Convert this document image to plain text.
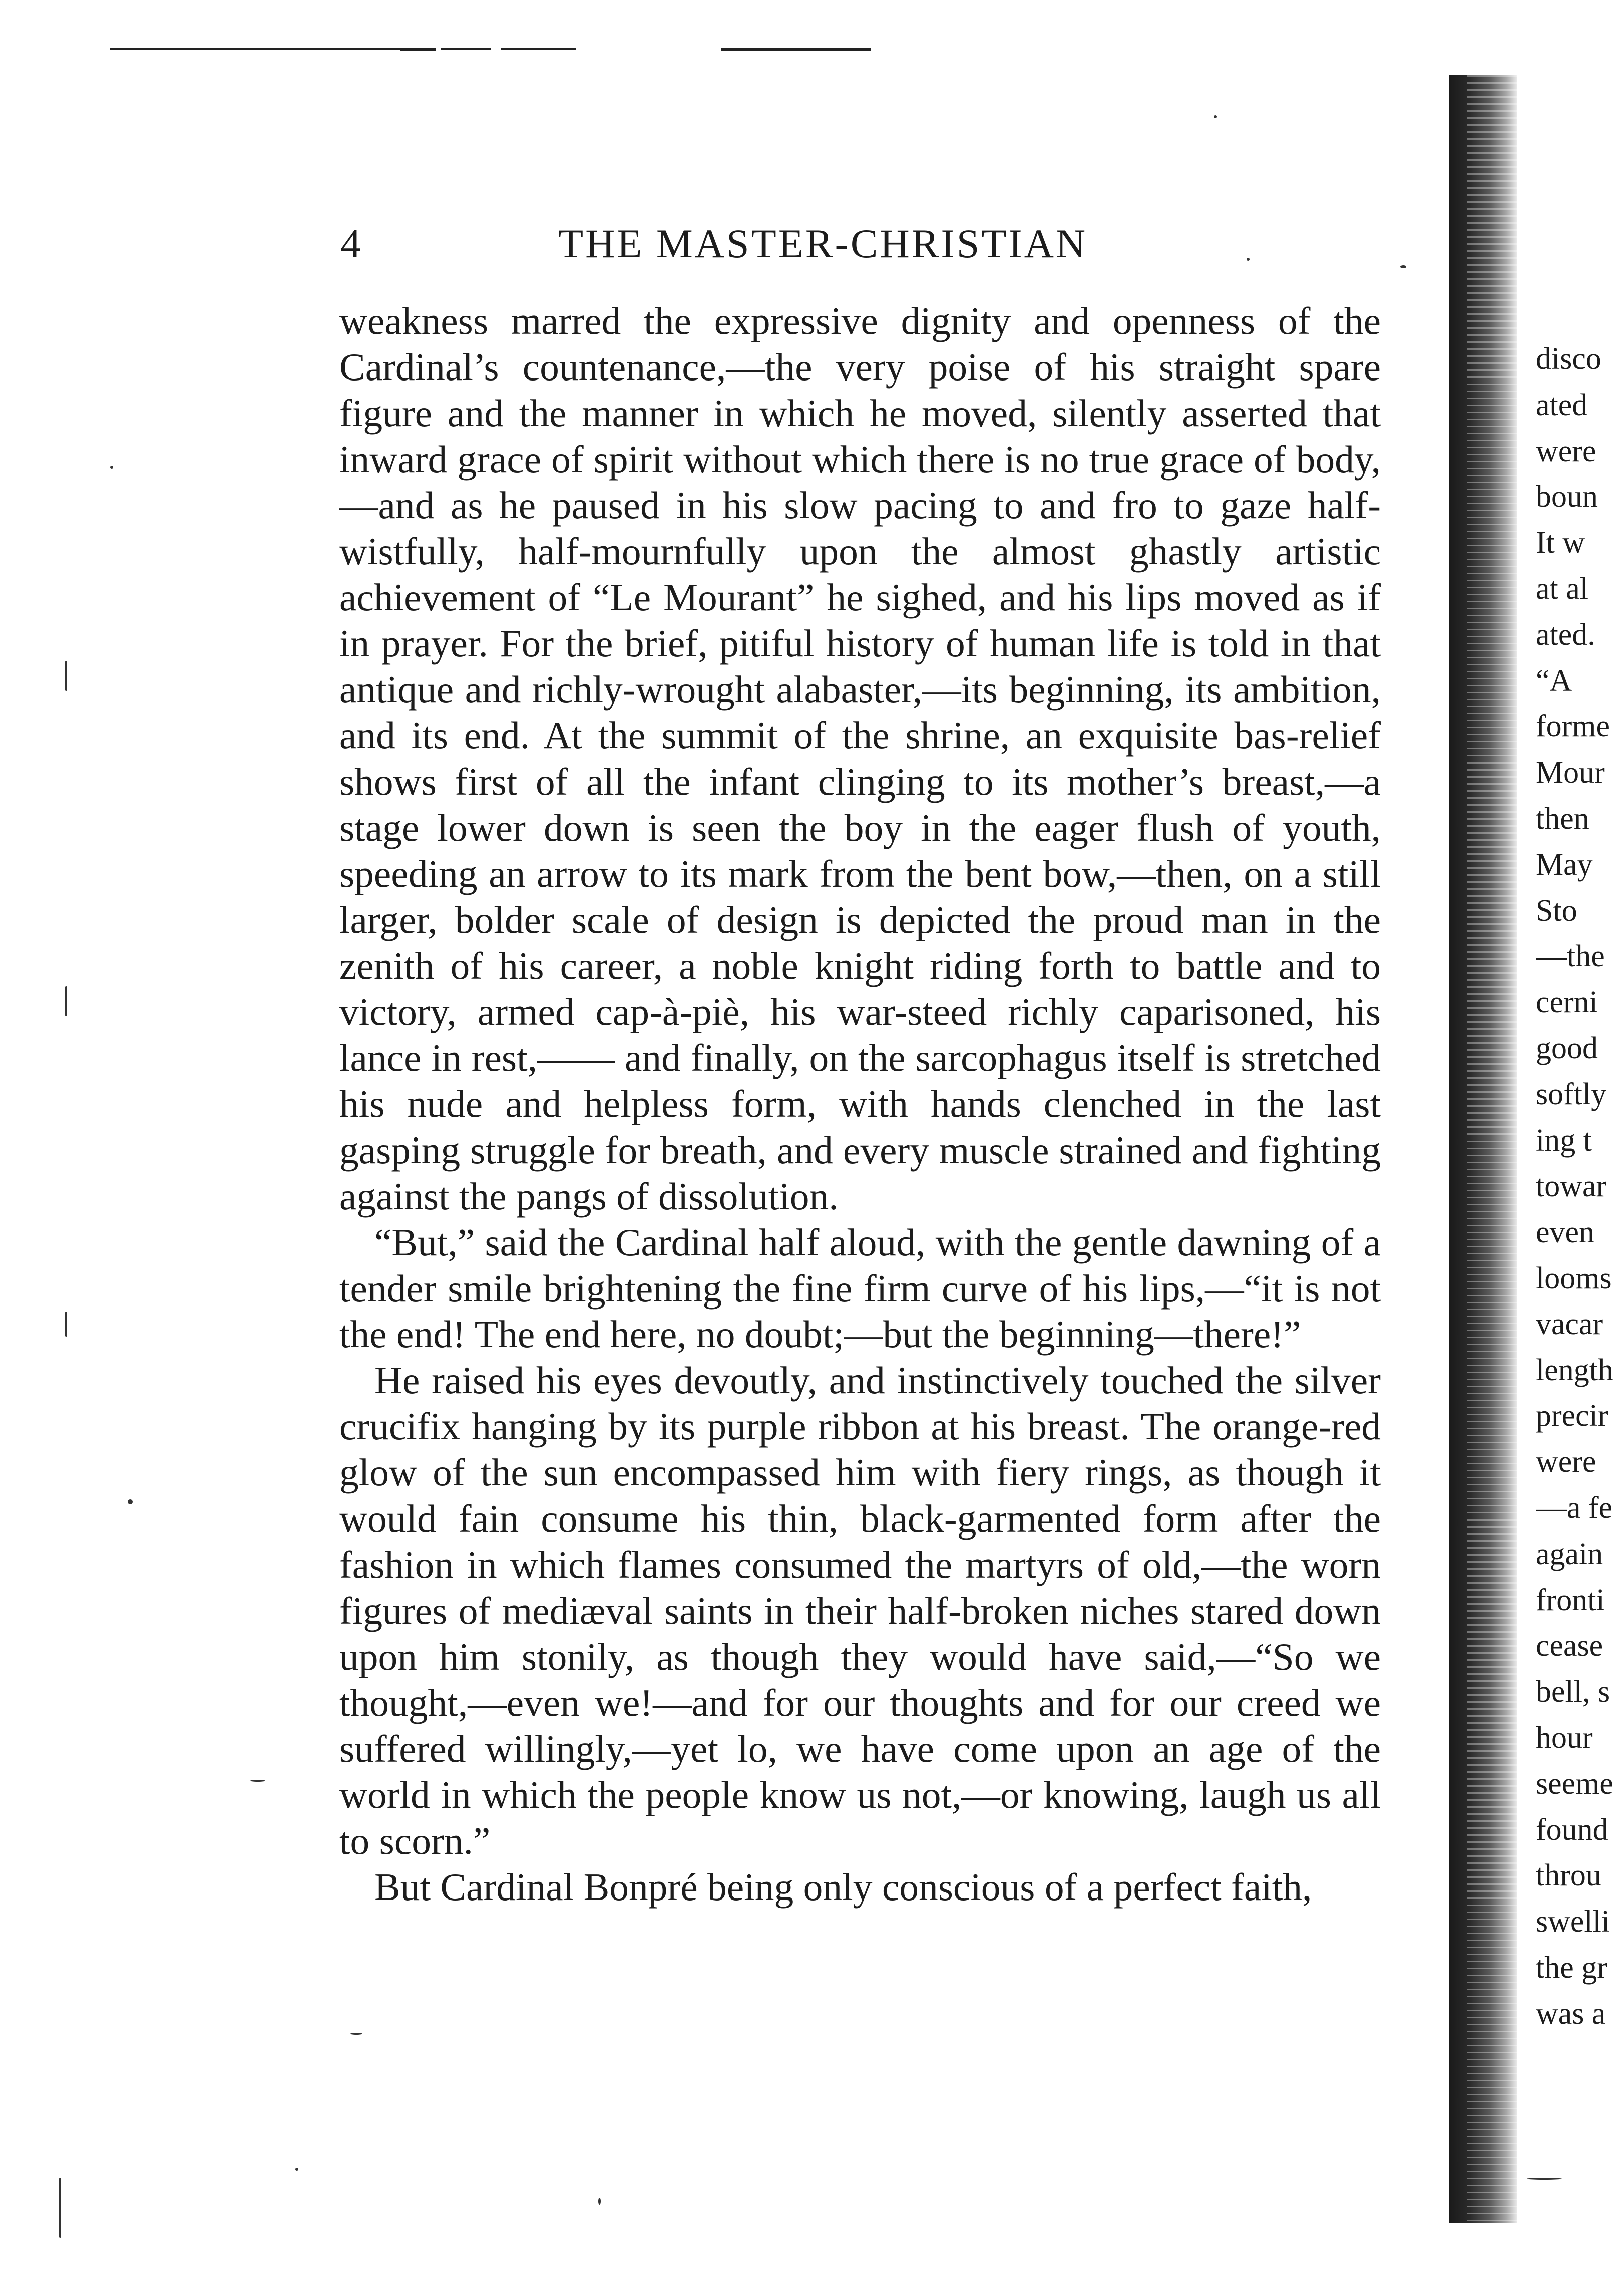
4	THE MASTER-CHRISTIAN

weakness marred the expressive dignity and openness of the Cardinal’s countenance,—the very poise of his straight spare figure and the manner in which he moved, silently asserted that inward grace of spirit without which there is no true grace of body,—and as he paused in his slow pacing to and fro to gaze half-wistfully, half-mournfully upon the almost ghastly artistic achievement of “Le Mourant” he sighed, and his lips moved as if in prayer. For the brief, pitiful history of human life is told in that antique and richly-wrought alabaster,—its beginning, its ambition, and its end. At the summit of the shrine, an exquisite bas-relief shows first of all the infant clinging to its mother’s breast,—a stage lower down is seen the boy in the eager flush of youth, speeding an arrow to its mark from the bent bow,—then, on a still larger, bolder scale of design is depicted the proud man in the zenith of his career, a noble knight riding forth to battle and to victory, armed cap-à-piè, his war-steed richly caparisoned, his lance in rest,—— and finally, on the sarcophagus itself is stretched his nude and helpless form, with hands clenched in the last gasping struggle for breath, and every muscle strained and fighting against the pangs of dissolution.

“But,” said the Cardinal half aloud, with the gentle dawning of a tender smile brightening the fine firm curve of his lips,—“it is not the end! The end here, no doubt;—but the beginning—there!”

He raised his eyes devoutly, and instinctively touched the silver crucifix hanging by its purple ribbon at his breast. The orange-red glow of the sun encompassed him with fiery rings, as though it would fain consume his thin, black-garmented form after the fashion in which flames consumed the martyrs of old,—the worn figures of mediæval saints in their half-broken niches stared down upon him stonily, as though they would have said,—“So we thought,—even we!—and for our thoughts and for our creed we suffered willingly,—yet lo, we have come upon an age of the world in which the people know us not,—or knowing, laugh us all to scorn.”

But Cardinal Bonpré being only conscious of a perfect faith,

disco
ated
were
boun
It w
at al
ated.
“A
forme
Mour
then
May
Sto
—the
cerni
good
softly
ing t
towar
even
looms
vacar
length
precir
were
—a fe
again
fronti
cease
bell, s
hour
seeme
found
throu
swelli
the gr
was a
